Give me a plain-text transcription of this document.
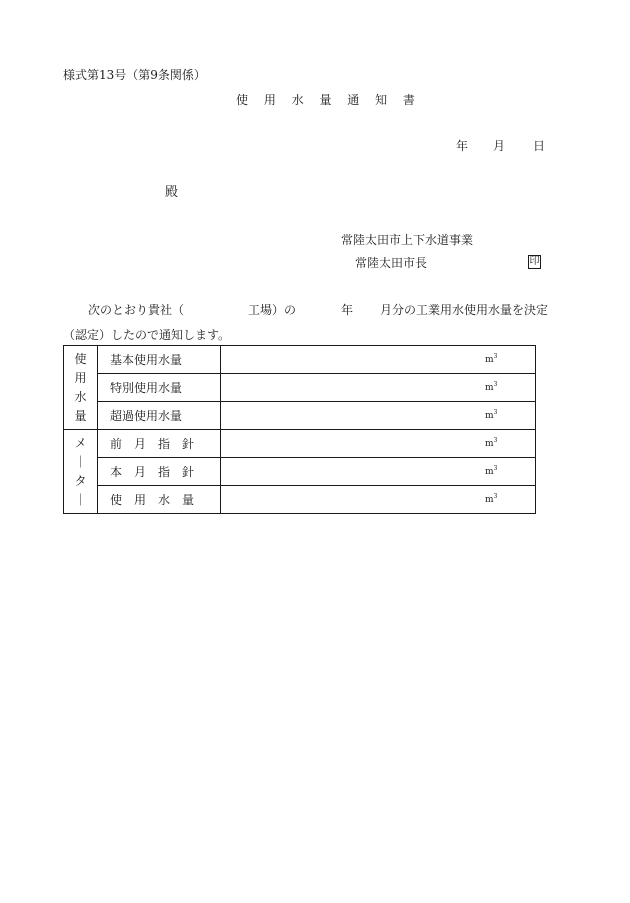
様式第13号（第9条関係）
使 用 水 量 通 知 書
年 月 日
殿
常陸太田市上下水道事業
常陸太田市長	印

次のとおり貴社（

	工場）の

	年

月分の工業用水使用水量を決定

（認定）したので通知します。
使
用
水
量	基本使用水量	$m^3$

	特別使用水量	$m^3$

	超過使用水量	$m^3$

メ
｜
タ
｜	前　月　指　針	$m^3$

	本　月　指　針	$m^3$

	使　用　水　量	$m^3$
